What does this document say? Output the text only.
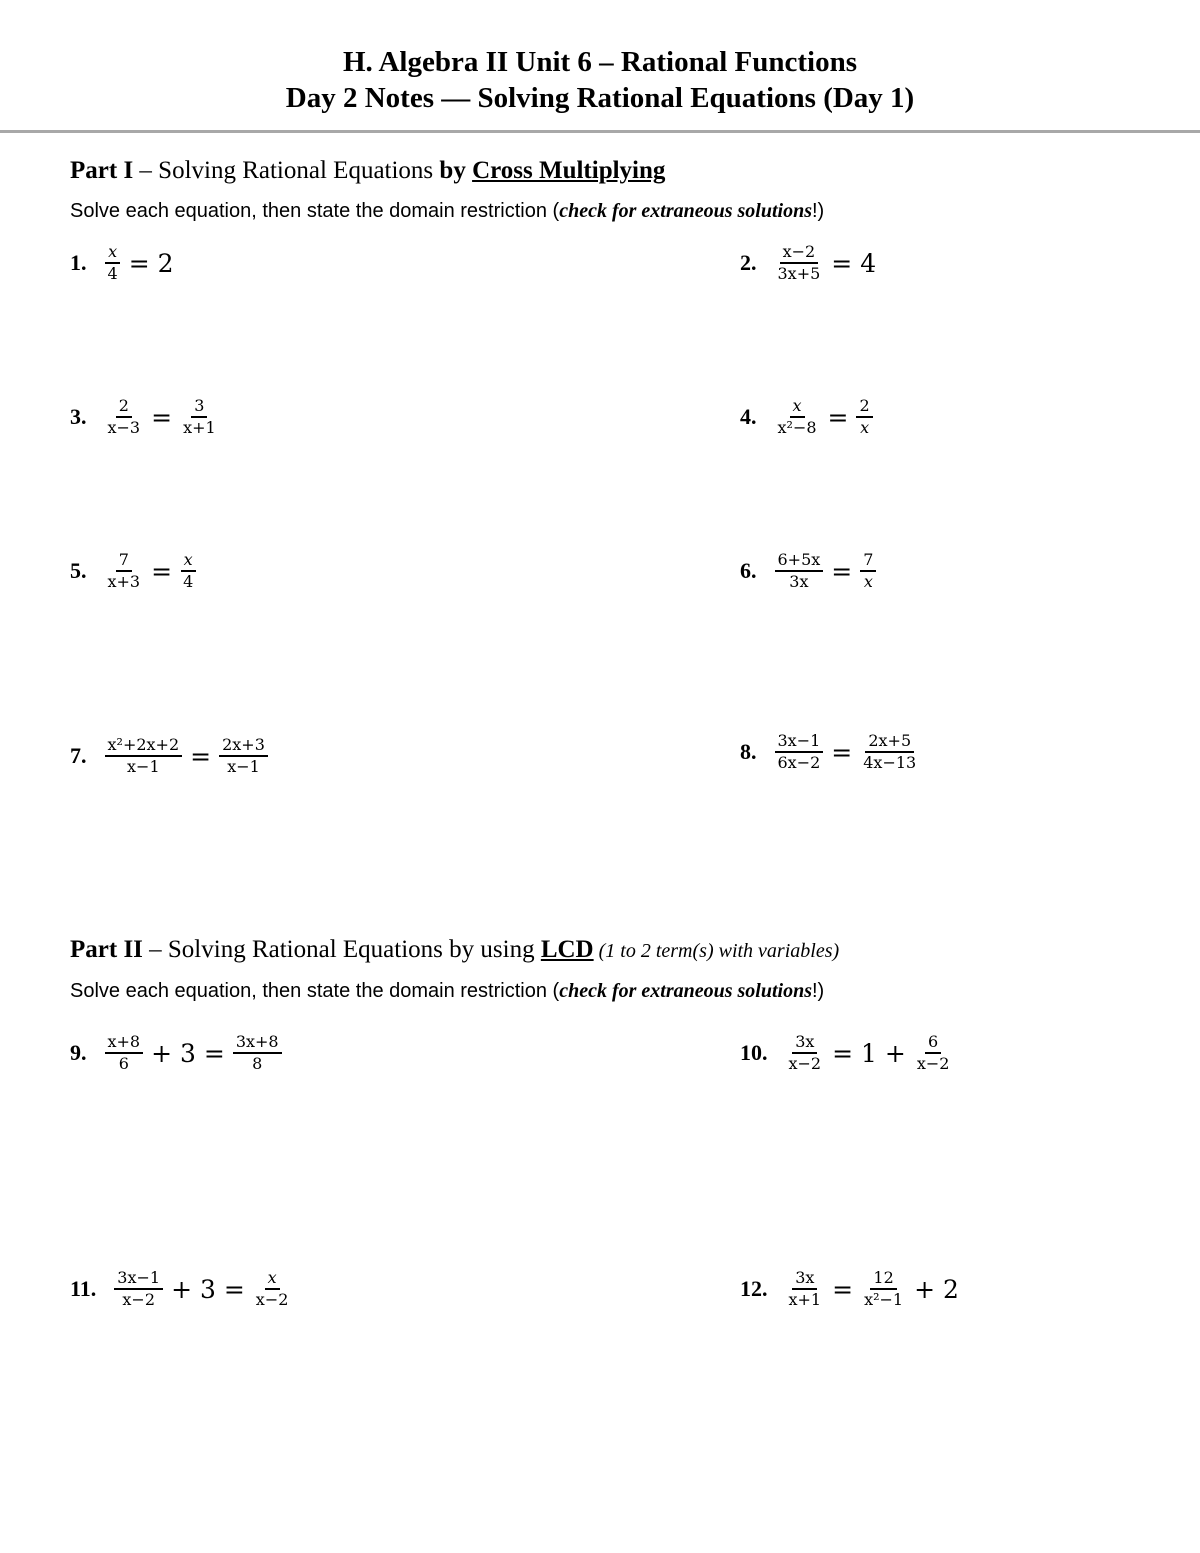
H. Algebra II Unit 6 – Rational Functions
Day 2 Notes — Solving Rational Equations (Day 1)
Part I – Solving Rational Equations by Cross Multiplying
Solve each equation, then state the domain restriction (check for extraneous solutions!)
1. $\frac{x}{4} = 2$	2. $\frac{x-2}{3x+5} = 4$
3. $\frac{2}{x-3} = \frac{3}{x+1}$	4. $\frac{x}{\text{x²−8}} = \frac{2}{x}$
5. $\frac{7}{x+3} = \frac{x}{4}$	6. $\frac{6+5x}{3x} = \frac{7}{x}$
7. $\frac{\text{x²+2x+2}}{x-1} = \frac{2x+3}{x-1}$	8. $\frac{3x-1}{6x-2} = \frac{2x+5}{4x-13}$
Part II – Solving Rational Equations by using LCD (1 to 2 term(s) with variables)
Solve each equation, then state the domain restriction (check for extraneous solutions!)
9. $\frac{x+8}{6} + 3 = \frac{3x+8}{8}$	10. $\frac{3x}{x-2} = 1 + \frac{6}{x-2}$
11. $\frac{3x-1}{x-2} + 3 = \frac{x}{x-2}$	12. $\frac{3x}{x+1} = \frac{12}{\text{x²−1}} + 2$
